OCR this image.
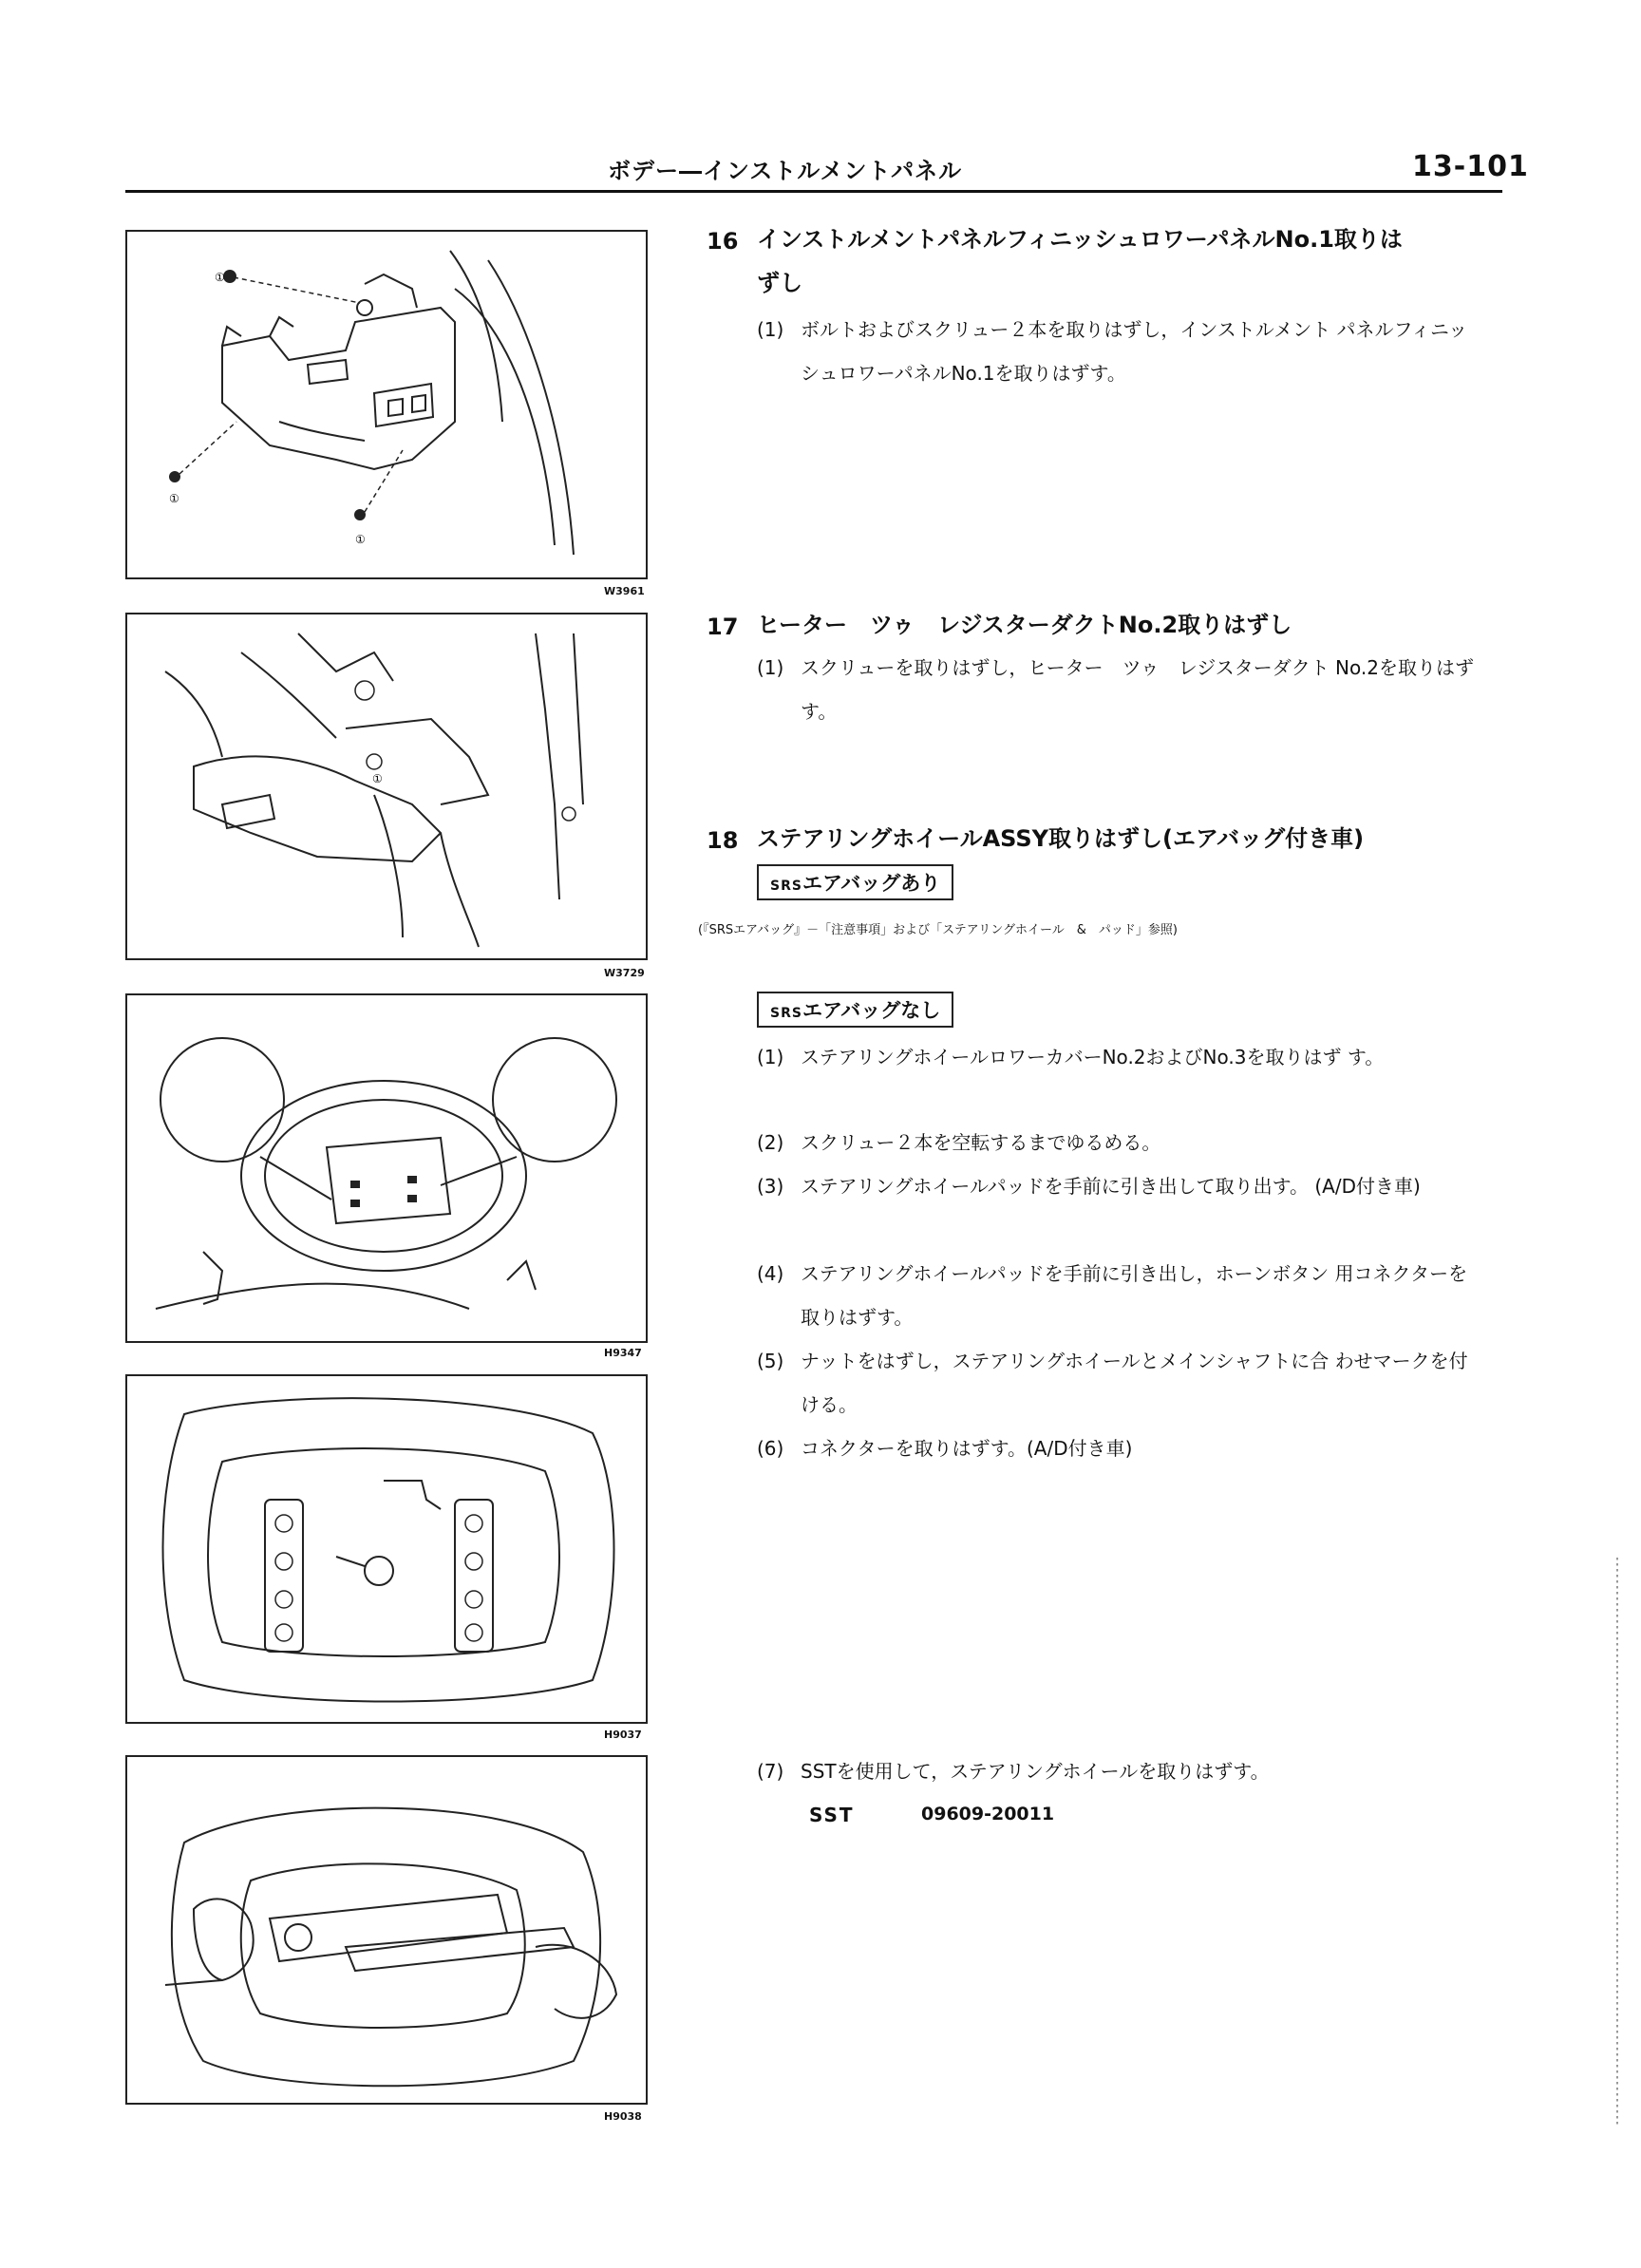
ボデー―インストルメントパネル	13-101
①
①
①
W3961
①
W3729
H9347
H9037
H9038
16 インストルメントパネルフィニッシュロワーパネルNo.1取りは
ずし
(1) ボルトおよびスクリュー２本を取りはずし，インストルメント パネルフィニッシュロワーパネルNo.1を取りはずす。
17 ヒーター　ツゥ　レジスターダクトNo.2取りはずし
(1) スクリューを取りはずし，ヒーター　ツゥ　レジスターダクト No.2を取りはずす。
18 ステアリングホイールASSY取りはずし(エアバッグ付き車)
SRSエアバッグあり
(『SRSエアバッグ』－「注意事項」および「ステアリングホイール　&　パッド」参照)
SRSエアバッグなし
(1) ステアリングホイールロワーカバーNo.2およびNo.3を取りはず す。
(2) スクリュー２本を空転するまでゆるめる。
(3) ステアリングホイールパッドを手前に引き出して取り出す。 (A/D付き車)
(4) ステアリングホイールパッドを手前に引き出し，ホーンボタン 用コネクターを取りはずす。
(5) ナットをはずし，ステアリングホイールとメインシャフトに合 わせマークを付ける。
(6) コネクターを取りはずす。(A/D付き車)
(7) SSTを使用して，ステアリングホイールを取りはずす。
SST	09609-20011
